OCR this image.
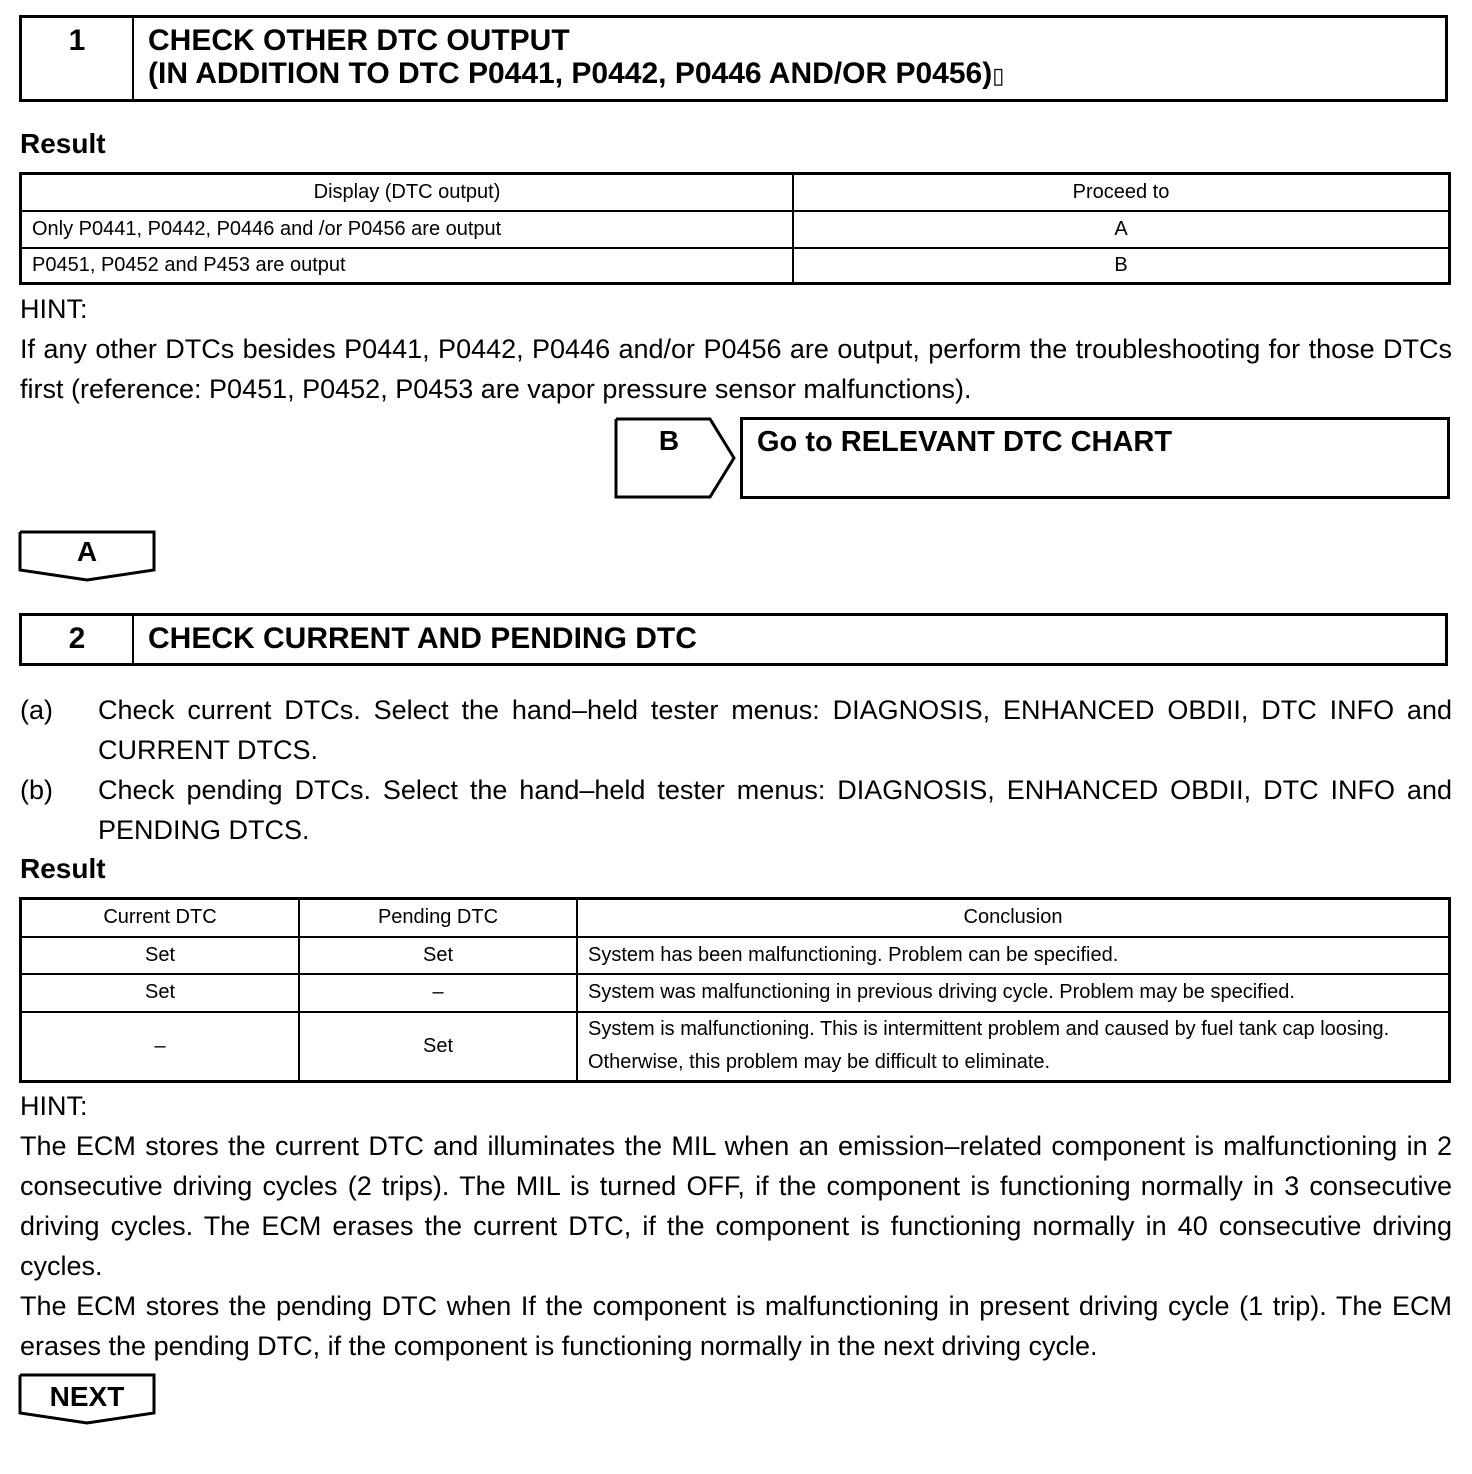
1	CHECK OTHER DTC OUTPUT
(IN ADDITION TO DTC P0441, P0442, P0446 AND/OR P0456)▯
Result
Display (DTC output)	Proceed to
Only P0441, P0442, P0446 and /or P0456 are output	A
P0451, P0452 and P453 are output	B
HINT:
If any other DTCs besides P0441, P0442, P0446 and/or P0456 are output, perform the troubleshooting for those DTCs first (reference: P0451, P0452, P0453 are vapor pressure sensor malfunctions).
B	Go to RELEVANT DTC CHART
A
2	CHECK CURRENT AND PENDING DTC
(a) Check current DTCs. Select the hand–held tester menus: DIAGNOSIS, ENHANCED OBDII, DTC INFO and CURRENT DTCS.
(b) Check pending DTCs. Select the hand–held tester menus: DIAGNOSIS, ENHANCED OBDII, DTC INFO and PENDING DTCS.
Result
Current DTC	Pending DTC	Conclusion
Set	Set	System has been malfunctioning. Problem can be specified.
Set	–	System was malfunctioning in previous driving cycle. Problem may be specified.
–	Set	System is malfunctioning. This is intermittent problem and caused by fuel tank cap loosing. Otherwise, this problem may be difficult to eliminate.
HINT:
The ECM stores the current DTC and illuminates the MIL when an emission–related component is malfunctioning in 2 consecutive driving cycles (2 trips). The MIL is turned OFF, if the component is functioning normally in 3 consecutive driving cycles. The ECM erases the current DTC, if the component is functioning normally in 40 consecutive driving cycles.
The ECM stores the pending DTC when If the component is malfunctioning in present driving cycle (1 trip). The ECM erases the pending DTC, if the component is functioning normally in the next driving cycle.
NEXT
